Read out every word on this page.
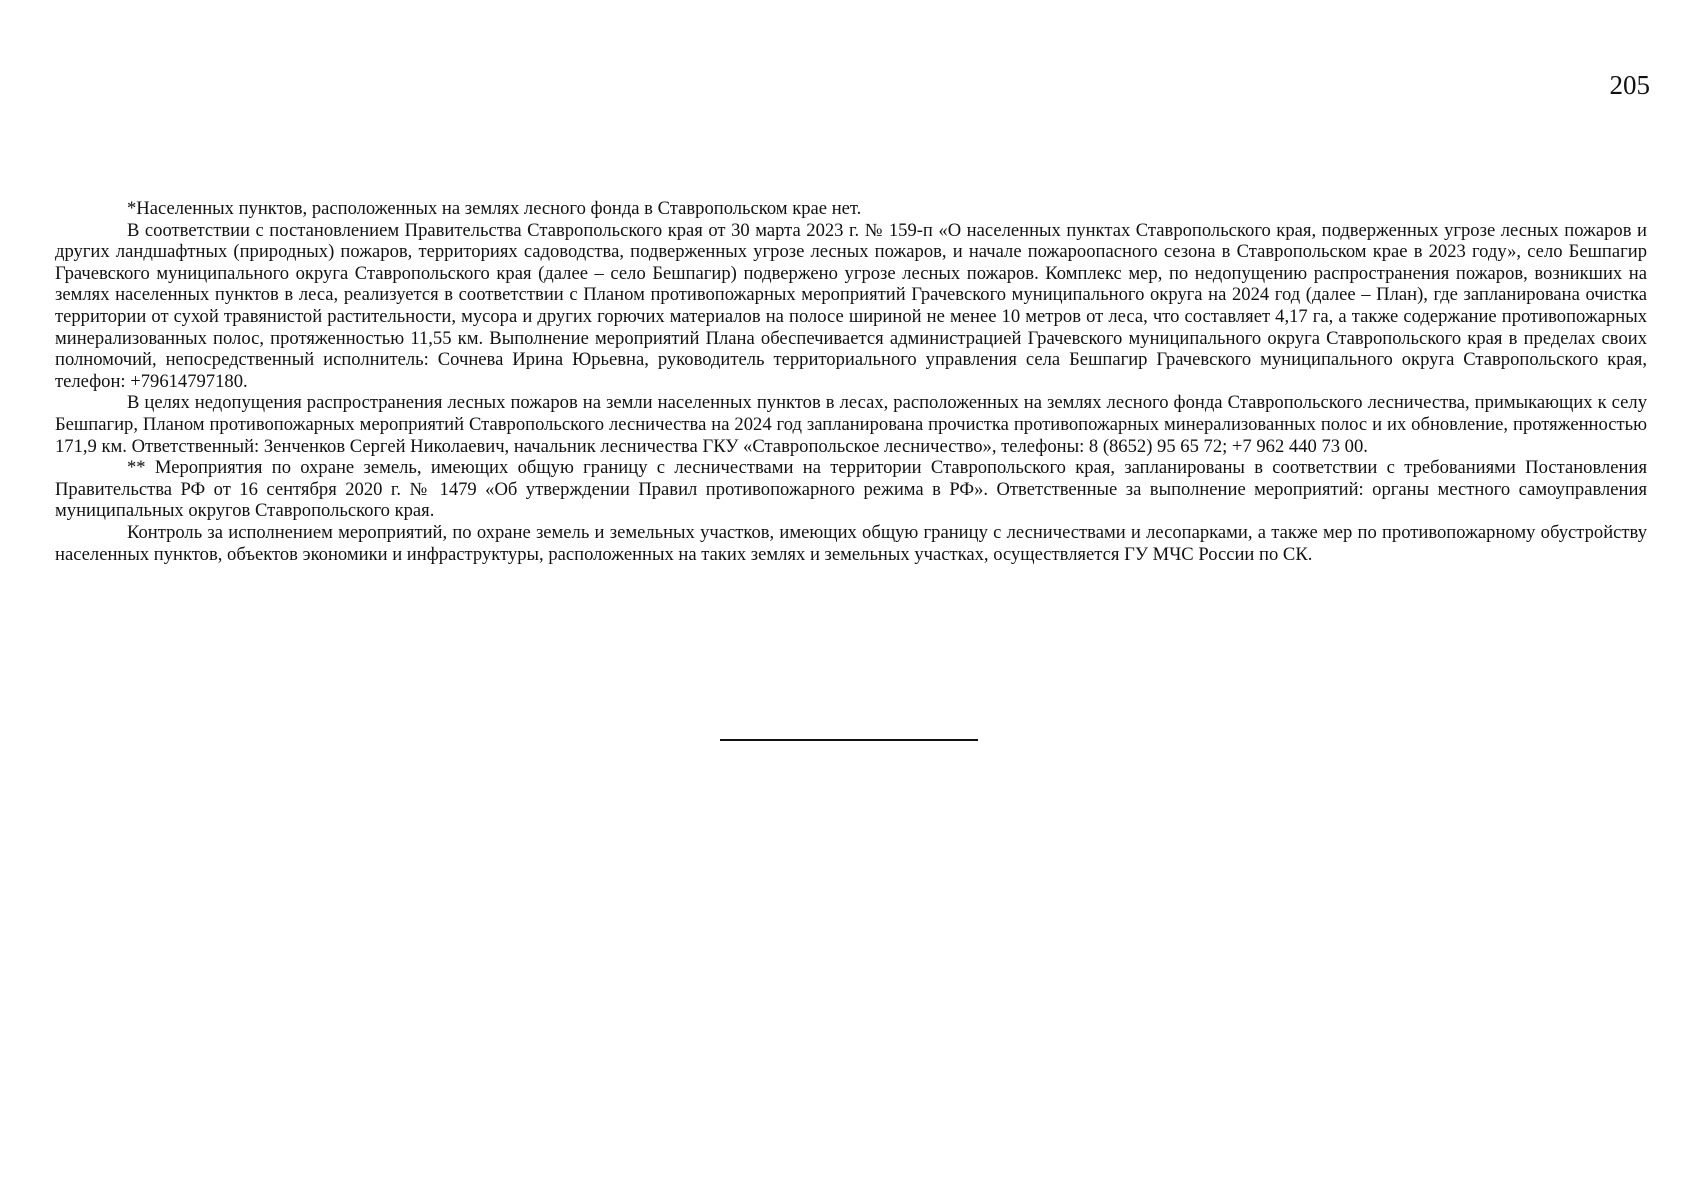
205

*Населенных пунктов, расположенных на землях лесного фонда в Ставропольском крае нет.

В соответствии с постановлением Правительства Ставропольского края от 30 марта 2023 г. № 159-п «О населенных пунктах Ставропольского края, подверженных угрозе лесных пожаров и других ландшафтных (природных) пожаров, территориях садоводства, подверженных угрозе лесных пожаров, и начале пожароопасного сезона в Ставропольском крае в 2023 году», село Бешпагир Грачевского муниципального округа Ставропольского края (далее – село Бешпагир) подвержено угрозе лесных пожаров. Комплекс мер, по недопущению распространения пожаров, возникших на землях населенных пунктов в леса, реализуется в соответствии с Планом противопожарных мероприятий Грачевского муниципального округа на 2024 год (далее – План), где запланирована очистка территории от сухой травянистой растительности, мусора и других горючих материалов на полосе шириной не менее 10 метров от леса, что составляет 4,17 га, а также содержание противопожарных минерализованных полос, протяженностью 11,55 км. Выполнение мероприятий Плана обеспечивается администрацией Грачевского муниципального округа Ставропольского края в пределах своих полномочий, непосредственный исполнитель: Сочнева Ирина Юрьевна, руководитель территориального управления села Бешпагир Грачевского муниципального округа Ставропольского края, телефон: +79614797180.

В целях недопущения распространения лесных пожаров на земли населенных пунктов в лесах, расположенных на землях лесного фонда Ставропольского лесничества, примыкающих к селу Бешпагир, Планом противопожарных мероприятий Ставропольского лесничества на 2024 год запланирована прочистка противопожарных минерализованных полос и их обновление, протяженностью 171,9 км. Ответственный: Зенченков Сергей Николаевич, начальник лесничества ГКУ «Ставропольское лесничество», телефоны: 8 (8652) 95 65 72; +7 962 440 73 00.

** Мероприятия по охране земель, имеющих общую границу с лесничествами на территории Ставропольского края, запланированы в соответствии с требованиями Постановления Правительства РФ от 16 сентября 2020 г. № 1479 «Об утверждении Правил противопожарного режима в РФ». Ответственные за выполнение мероприятий: органы местного самоуправления муниципальных округов Ставропольского края.

Контроль за исполнением мероприятий, по охране земель и земельных участков, имеющих общую границу с лесничествами и лесопарками, а также мер по противопожарному обустройству населенных пунктов, объектов экономики и инфраструктуры, расположенных на таких землях и земельных участках, осуществляется ГУ МЧС России по СК.
